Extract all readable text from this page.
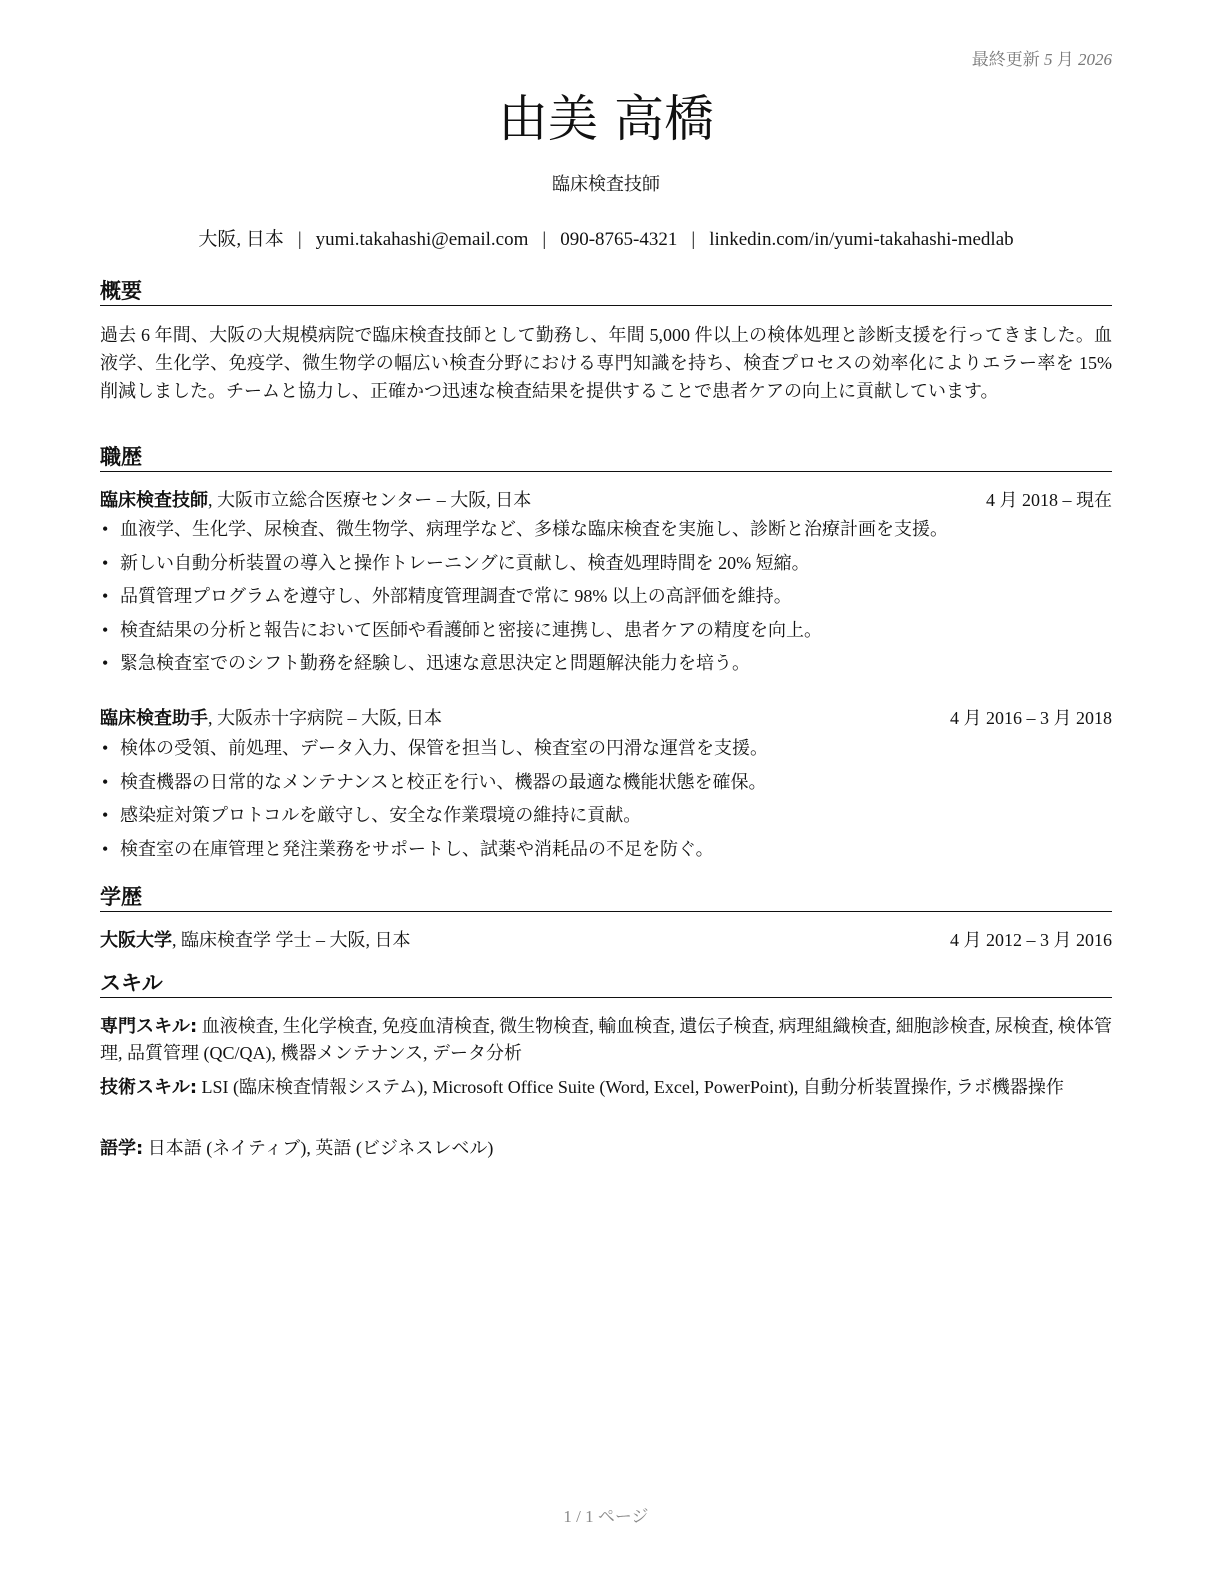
最終更新 5 月 2026
由美 高橋
臨床検査技師
大阪, 日本 | yumi.takahashi@email.com | 090-8765-4321 | linkedin.com/in/yumi-takahashi-medlab
概要
過去 6 年間、大阪の大規模病院で臨床検査技師として勤務し、年間 5,000 件以上の検体処理と診断支援を行ってきました。血液学、生化学、免疫学、微生物学の幅広い検査分野における専門知識を持ち、検査プロセスの効率化によりエラー率を 15% 削減しました。チームと協力し、正確かつ迅速な検査結果を提供することで患者ケアの向上に貢献しています。
職歴
臨床検査技師, 大阪市立総合医療センター – 大阪, 日本	4 月 2018 – 現在
• 血液学、生化学、尿検査、微生物学、病理学など、多様な臨床検査を実施し、診断と治療計画を支援。
• 新しい自動分析装置の導入と操作トレーニングに貢献し、検査処理時間を 20% 短縮。
• 品質管理プログラムを遵守し、外部精度管理調査で常に 98% 以上の高評価を維持。
• 検査結果の分析と報告において医師や看護師と密接に連携し、患者ケアの精度を向上。
• 緊急検査室でのシフト勤務を経験し、迅速な意思決定と問題解決能力を培う。
臨床検査助手, 大阪赤十字病院 – 大阪, 日本	4 月 2016 – 3 月 2018
• 検体の受領、前処理、データ入力、保管を担当し、検査室の円滑な運営を支援。
• 検査機器の日常的なメンテナンスと校正を行い、機器の最適な機能状態を確保。
• 感染症対策プロトコルを厳守し、安全な作業環境の維持に貢献。
• 検査室の在庫管理と発注業務をサポートし、試薬や消耗品の不足を防ぐ。
学歴
大阪大学, 臨床検査学 学士 – 大阪, 日本	4 月 2012 – 3 月 2016
スキル
専門スキル: 血液検査, 生化学検査, 免疫血清検査, 微生物検査, 輸血検査, 遺伝子検査, 病理組織検査, 細胞診検査, 尿検査, 検体管理, 品質管理 (QC/QA), 機器メンテナンス, データ分析
技術スキル: LSI (臨床検査情報システム), Microsoft Office Suite (Word, Excel, PowerPoint), 自動分析装置操作, ラボ機器操作
語学: 日本語 (ネイティブ), 英語 (ビジネスレベル)
1 / 1 ページ
